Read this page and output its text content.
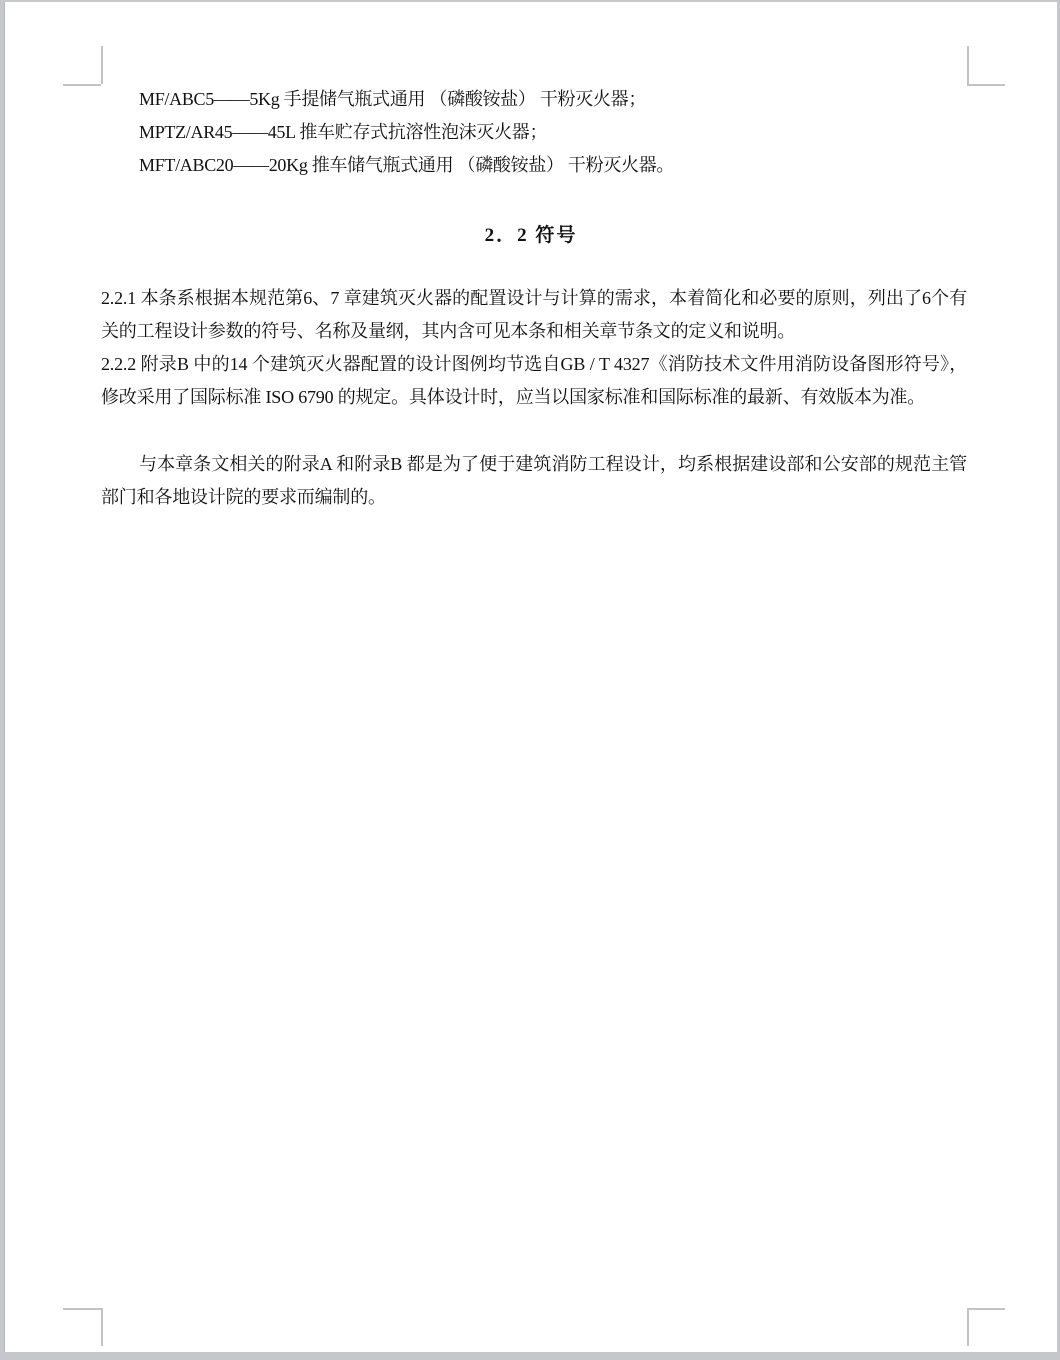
MF/ABC5——5Kg 手提储气瓶式通用 （磷酸铵盐） 干粉灭火器；
MPTZ/AR45——45L 推车贮存式抗溶性泡沫灭火器；
MFT/ABC20——20Kg 推车储气瓶式通用 （磷酸铵盐） 干粉灭火器。
2．2 符号
2.2.1 本条系根据本规范第6、7 章建筑灭火器的配置设计与计算的需求，本着简化和必要的原则，列出了6个有关的工程设计参数的符号、名称及量纲，其内含可见本条和相关章节条文的定义和说明。
2.2.2 附录B 中的14 个建筑灭火器配置的设计图例均节选自GB / T 4327《消防技术文件用消防设备图形符号》，修改采用了国际标准 ISO 6790 的规定。具体设计时，应当以国家标准和国际标准的最新、有效版本为准。
与本章条文相关的附录A 和附录B 都是为了便于建筑消防工程设计，均系根据建设部和公安部的规范主管部门和各地设计院的要求而编制的。
